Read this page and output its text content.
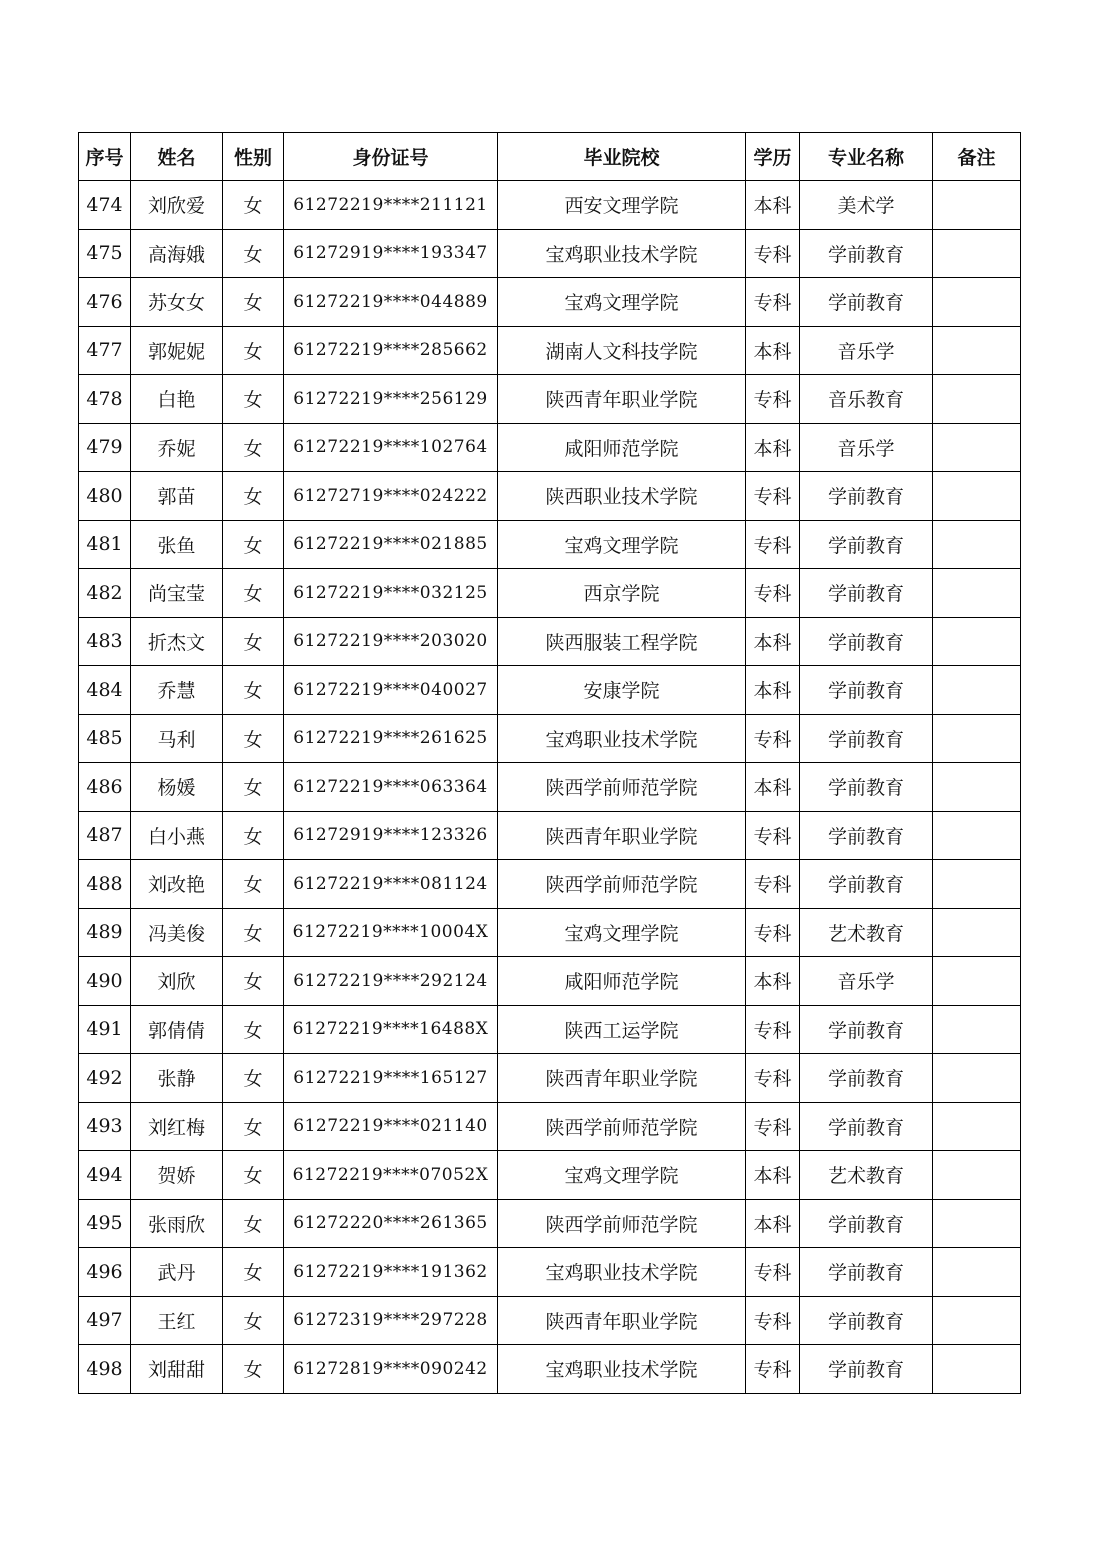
序号	姓名	性别	身份证号	毕业院校	学历	专业名称	备注
474	刘欣爱	女	61272219****211121	西安文理学院	本科	美术学	
475	高海娥	女	61272919****193347	宝鸡职业技术学院	专科	学前教育	
476	苏女女	女	61272219****044889	宝鸡文理学院	专科	学前教育	
477	郭妮妮	女	61272219****285662	湖南人文科技学院	本科	音乐学	
478	白艳	女	61272219****256129	陕西青年职业学院	专科	音乐教育	
479	乔妮	女	61272219****102764	咸阳师范学院	本科	音乐学	
480	郭苗	女	61272719****024222	陕西职业技术学院	专科	学前教育	
481	张鱼	女	61272219****021885	宝鸡文理学院	专科	学前教育	
482	尚宝莹	女	61272219****032125	西京学院	专科	学前教育	
483	折杰文	女	61272219****203020	陕西服装工程学院	本科	学前教育	
484	乔慧	女	61272219****040027	安康学院	本科	学前教育	
485	马利	女	61272219****261625	宝鸡职业技术学院	专科	学前教育	
486	杨媛	女	61272219****063364	陕西学前师范学院	本科	学前教育	
487	白小燕	女	61272919****123326	陕西青年职业学院	专科	学前教育	
488	刘改艳	女	61272219****081124	陕西学前师范学院	专科	学前教育	
489	冯美俊	女	61272219****10004X	宝鸡文理学院	专科	艺术教育	
490	刘欣	女	61272219****292124	咸阳师范学院	本科	音乐学	
491	郭倩倩	女	61272219****16488X	陕西工运学院	专科	学前教育	
492	张静	女	61272219****165127	陕西青年职业学院	专科	学前教育	
493	刘红梅	女	61272219****021140	陕西学前师范学院	专科	学前教育	
494	贺娇	女	61272219****07052X	宝鸡文理学院	本科	艺术教育	
495	张雨欣	女	61272220****261365	陕西学前师范学院	本科	学前教育	
496	武丹	女	61272219****191362	宝鸡职业技术学院	专科	学前教育	
497	王红	女	61272319****297228	陕西青年职业学院	专科	学前教育	
498	刘甜甜	女	61272819****090242	宝鸡职业技术学院	专科	学前教育	
